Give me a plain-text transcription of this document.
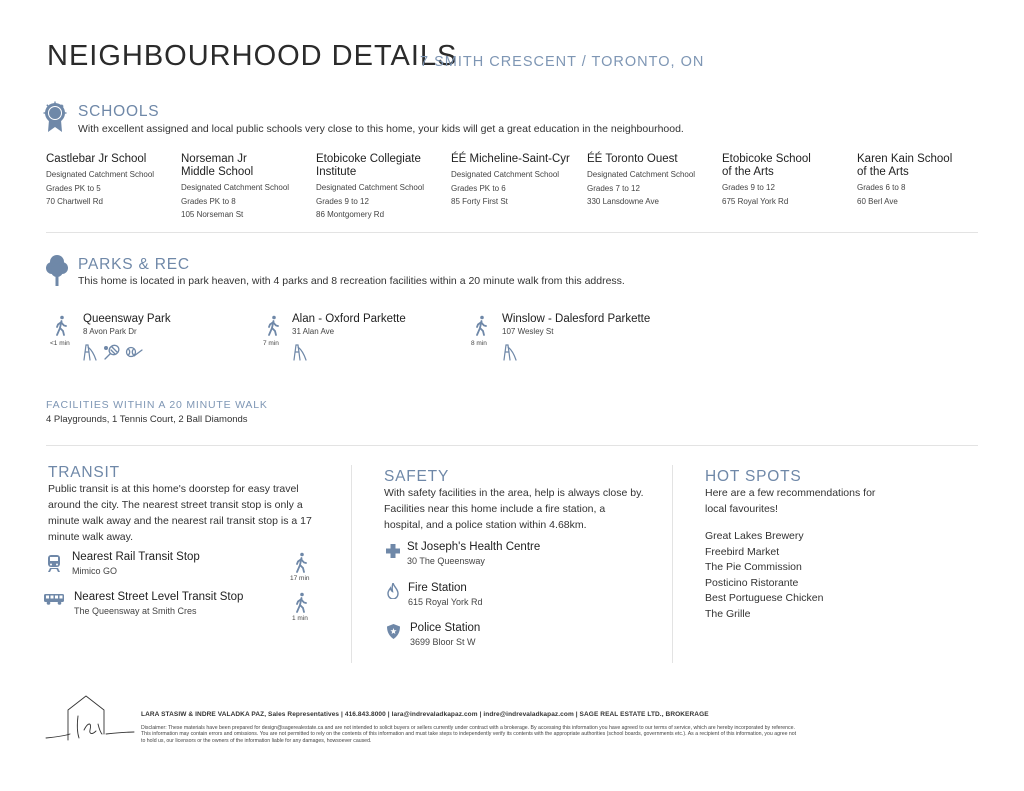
NEIGHBOURHOOD DETAILS
7 SMITH CRESCENT / TORONTO, ON
SCHOOLS
With excellent assigned and local public schools very close to this home, your kids will get a great education in the neighbourhood.
Castlebar Jr School
Designated Catchment School
Grades PK to 5
70 Chartwell Rd
Norseman Jr Middle School
Designated Catchment School
Grades PK to 8
105 Norseman St
Etobicoke Collegiate Institute
Designated Catchment School
Grades 9 to 12
86 Montgomery Rd
ÉÉ Micheline-Saint-Cyr
Designated Catchment School
Grades PK to 6
85 Forty First St
ÉÉ Toronto Ouest
Designated Catchment School
Grades 7 to 12
330 Lansdowne Ave
Etobicoke School of the Arts
Grades 9 to 12
675 Royal York Rd
Karen Kain School of the Arts
Grades 6 to 8
60 Berl Ave
PARKS & REC
This home is located in park heaven, with 4 parks and 8 recreation facilities within a 20 minute walk from this address.
<1 min
Queensway Park
8 Avon Park Dr
7 min
Alan - Oxford Parkette
31 Alan Ave
8 min
Winslow - Dalesford Parkette
107 Wesley St
FACILITIES WITHIN A 20 MINUTE WALK
4 Playgrounds, 1 Tennis Court, 2 Ball Diamonds
TRANSIT
Public transit is at this home's doorstep for easy travel around the city. The nearest street transit stop is only a minute walk away and the nearest rail transit stop is a 17 minute walk away.
Nearest Rail Transit Stop
Mimico GO
17 min
Nearest Street Level Transit Stop
The Queensway at Smith Cres
1 min
SAFETY
With safety facilities in the area, help is always close by. Facilities near this home include a fire station, a hospital, and a police station within 4.68km.
St Joseph's Health Centre
30 The Queensway
Fire Station
615 Royal York Rd
Police Station
3699 Bloor St W
HOT SPOTS
Here are a few recommendations for local favourites!
Great Lakes Brewery
Freebird Market
The Pie Commission
Posticino Ristorante
Best Portuguese Chicken
The Grille
LARA STASIW & INDRE VALADKA PAZ, Sales Representatives | 416.843.8000 | lara@indrevaladkapaz.com | indre@indrevaladkapaz.com | SAGE REAL ESTATE LTD., BROKERAGE
Disclaimer: These materials have been prepared for design@sagerealestate.ca and are not intended to solicit buyers or sellers currently under contract with a brokerage. By accessing this information you have agreed to our terms of service, which are hereby incorporated by reference. This information may contain errors and omissions. You are not permitted to rely on the contents of this information and must take steps to independently verify its contents with the appropriate authorities (school boards, governments etc.). As a recipient of this information, you agree not to hold us, our licensors or the owners of the information liable for any damages, howsoever caused.
